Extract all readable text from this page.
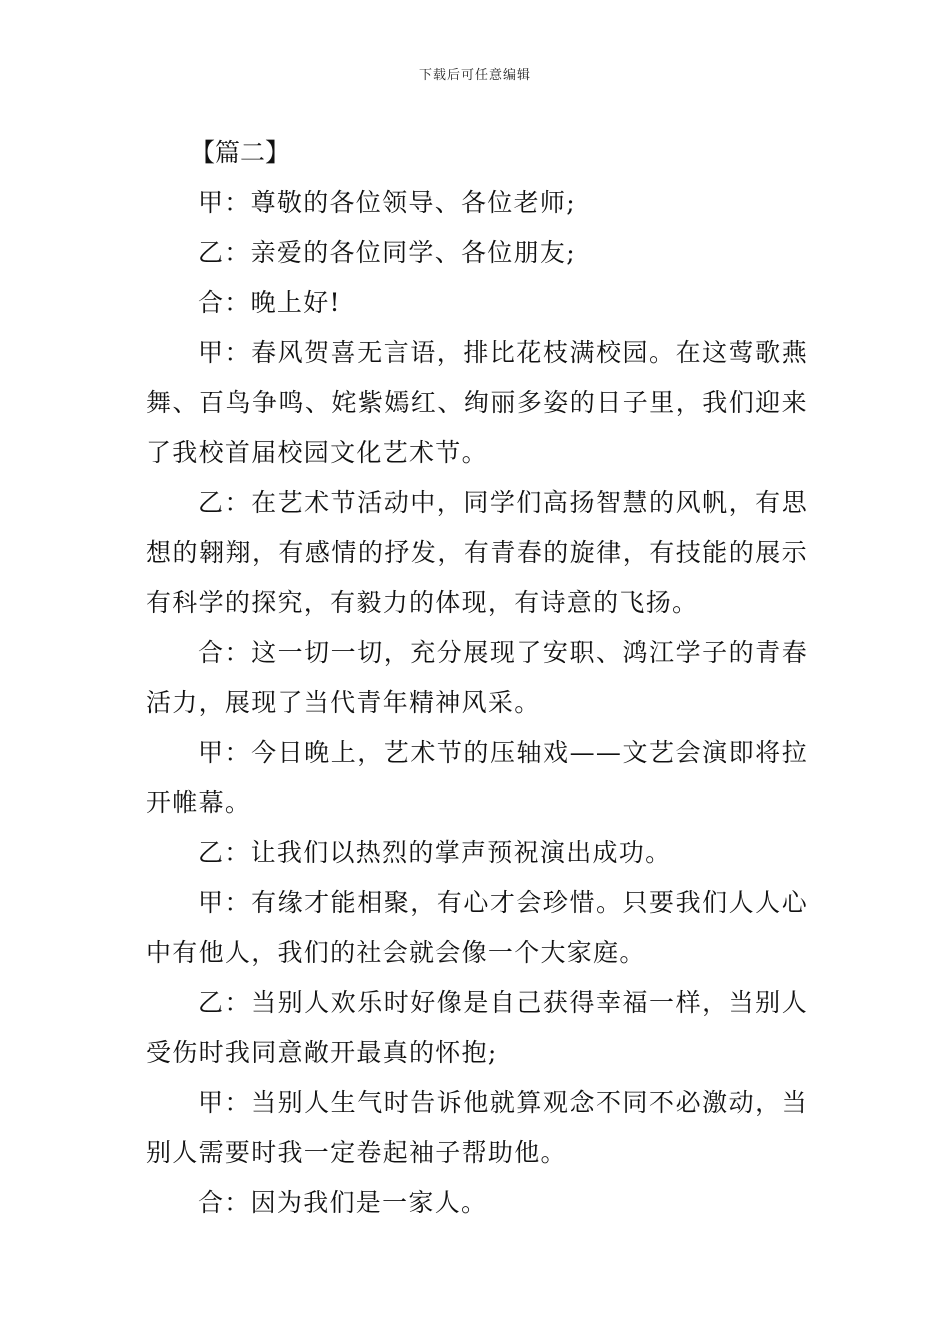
下载后可任意编辑
【篇二】

甲：尊敬的各位领导、各位老师;

乙：亲爱的各位同学、各位朋友;

合：晚上好!

甲：春风贺喜无言语，排比花枝满校园。在这莺歌燕舞、百鸟争鸣、姹紫嫣红、绚丽多姿的日子里，我们迎来了我校首届校园文化艺术节。

乙：在艺术节活动中，同学们高扬智慧的风帆，有思想的翱翔，有感情的抒发，有青春的旋律，有技能的展示有科学的探究，有毅力的体现，有诗意的飞扬。

合：这一切一切，充分展现了安职、鸿江学子的青春活力，展现了当代青年精神风采。

甲：今日晚上，艺术节的压轴戏——文艺会演即将拉开帷幕。

乙：让我们以热烈的掌声预祝演出成功。

甲：有缘才能相聚，有心才会珍惜。只要我们人人心中有他人，我们的社会就会像一个大家庭。

乙：当别人欢乐时好像是自己获得幸福一样，当别人受伤时我同意敞开最真的怀抱;

甲：当别人生气时告诉他就算观念不同不必激动，当别人需要时我一定卷起袖子帮助他。

合：因为我们是一家人。
